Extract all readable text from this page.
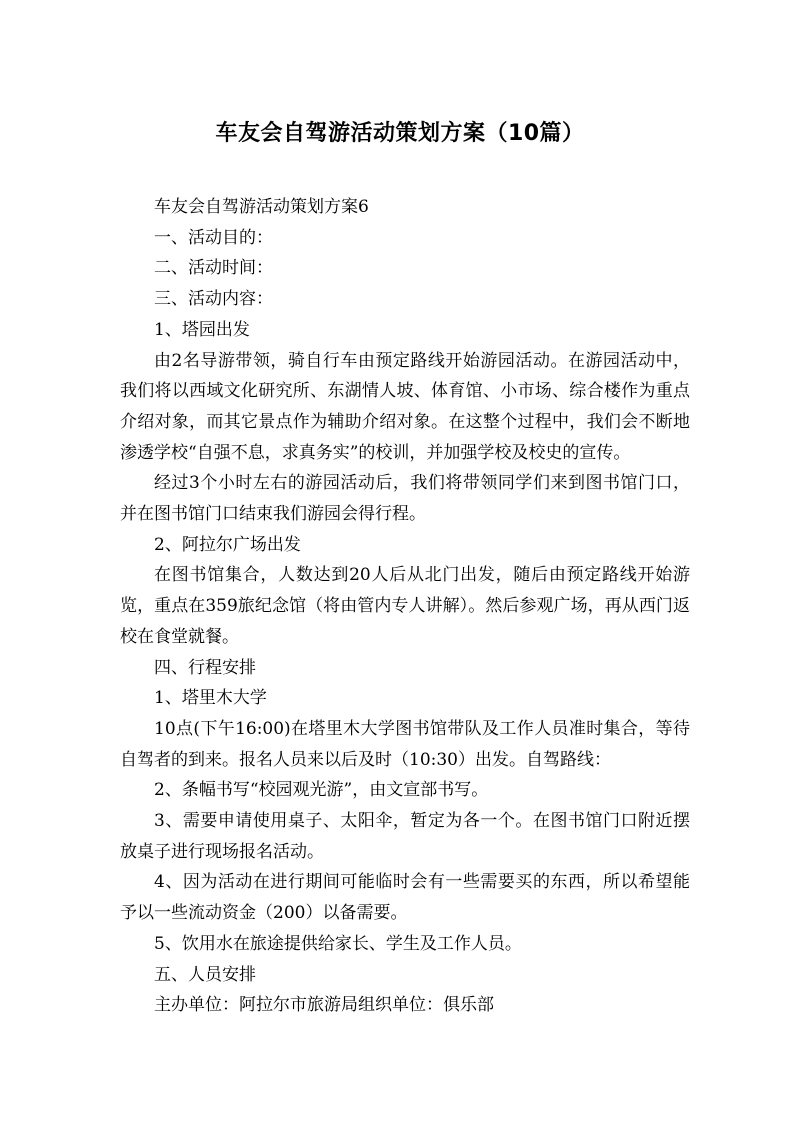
车友会自驾游活动策划方案（10篇）

车友会自驾游活动策划方案6

一、活动目的：

二、活动时间：

三、活动内容：

1、塔园出发

由2名导游带领，骑自行车由预定路线开始游园活动。在游园活动中，我们将以西域文化研究所、东湖情人坡、体育馆、小市场、综合楼作为重点介绍对象，而其它景点作为辅助介绍对象。在这整个过程中，我们会不断地渗透学校“自强不息，求真务实”的校训，并加强学校及校史的宣传。

经过3个小时左右的游园活动后，我们将带领同学们来到图书馆门口，并在图书馆门口结束我们游园会得行程。

2、阿拉尔广场出发

在图书馆集合，人数达到20人后从北门出发，随后由预定路线开始游览，重点在359旅纪念馆（将由管内专人讲解）。然后参观广场，再从西门返校在食堂就餐。

四、行程安排

1、塔里木大学

10点(下午16:00)在塔里木大学图书馆带队及工作人员准时集合，等待自驾者的到来。报名人员来以后及时（10:30）出发。自驾路线：

2、条幅书写“校园观光游”，由文宣部书写。

3、需要申请使用桌子、太阳伞，暂定为各一个。在图书馆门口附近摆放桌子进行现场报名活动。

4、因为活动在进行期间可能临时会有一些需要买的东西，所以希望能予以一些流动资金（200）以备需要。

5、饮用水在旅途提供给家长、学生及工作人员。

五、人员安排

主办单位：阿拉尔市旅游局组织单位：俱乐部
